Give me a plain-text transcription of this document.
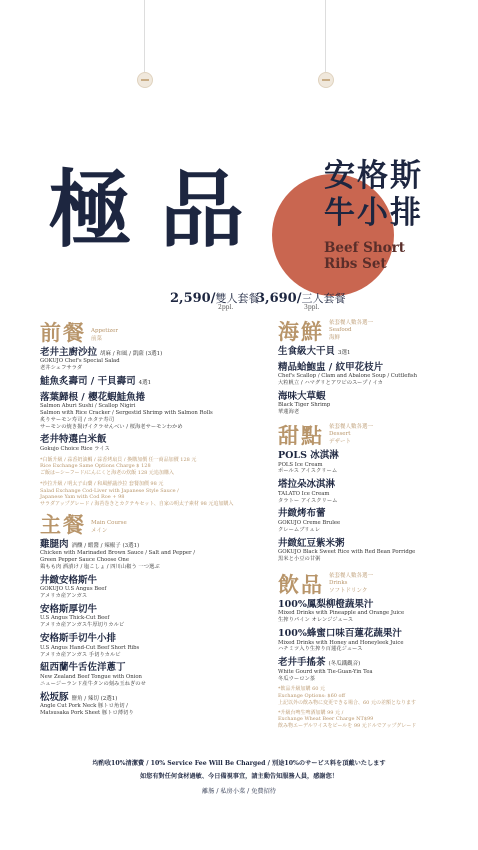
極 品 安格斯
牛小排
Beef Short
Ribs Set
2,590/雙人套餐
2ppl.
3,690/三人套餐
3ppl.
前餐 Appetizer
前菜
老井主廚沙拉 胡麻 / 和風 / 凱薩 (3選1)
GOKUJO Chef's Special Salad
老井シェフサラダ
鮭魚炙壽司 / 干貝壽司 4選1
落葉歸根 / 櫻花蝦鮭魚捲
Salmon Aburi Sushi / Scallop Nigiri
Salmon with Rice Cracker / Sergestid Shrimp with Salmon Rolls
炙りサーモン寿司 / ホタテ寿司
サーモンの焼き揚げイクラせんべい / 桜海老サーモンわかめ
老井特選白米飯
Gokujo Choice Rice ライス
*白飯升級 / 蒜香奶油鯛 / 蒜香烤扇貝 / 換購加價 任一商品加價 128 元
Rice Exchange Same Options Charge $ 128
ご飯はーシーフード/にんにくと海老の炊飯 128 元追加購入
*沙拉升級 / 明太子山藥 / 和風鮮蔬沙拉 套餐加價 98 元
Salad Exchange Cod-Liver with Japanese Style Sauce /
Japanese Yam with Cod Roe + 98
サラダアップグレード / 海苔巻きとカクテキセット、自家の明太子素材 98 元追加購入
主餐 Main Course
メイン
雞腿肉 酒釀 / 蝦醬 / 辣椒子 (3選1)
Chicken with Marinaded Brown Sauce / Salt and Pepper /
Green Pepper Sauce Choose One
鶏もも肉 酒漬け / 塩こしょ / 四川山椒う 一つ選ぶ
井緻安格斯牛
GOKUJO U.S Angus Beef
アメリカ産アンガス
安格斯厚切牛
U.S Angus Thick-Cut Beef
アメリカ産アンガス牛厚切りカルビ
安格斯手切牛小排
U.S Angus Hand-Cut Beef Short Ribs
アメリカ産アンガス 手切りカルビ
紐西蘭牛舌佐洋蔥丁
New Zealand Beef Tongue with Onion
ニュージーランド産牛タンの刻み玉ねぎのせ
松坂豚 鹽角 / 辣切 (2選1)
Angle Cut Pork Neck 豚トロ角切 /
Matsusaka Pork Sheet 豚トロ薄切り
海鮮 依套餐人數各選一
Seafood
海鮮
生食級大干貝 3選1
精品蛤鮑盅 / 紋甲花枝片
Chef's Scallop / Clam and Abalone Soup / Cuttlefish
大粒帆立 / ハマグリとアワビのスープ / イカ
海味大草蝦
Black Tiger Shrimp
華蓮海老
甜點 依套餐人數各選一
Dessert
デザート
POLS 冰淇淋
POLS Ice Cream
ポールス アイスクリーム
塔拉朵冰淇淋
TALATO Ice Cream
タラトー アイスクリーム
井緻烤布蕾
GOKUJO Creme Brulee
クレームブリュレ
井緻紅豆紫米粥
GOKUJO Black Sweet Rice with Red Bean Porridge
黒米と小豆の甘粥
飲品 依套餐人數各選一
Drinks
ソフトドリンク
100%鳳梨柳橙蔬果汁
Mixed Drinks with Pineapple and Orange Juice
生搾りパイン オレンジジュース
100%蜂蜜口味百蓮花蔬果汁
Mixed Drinks with Honey and Honeyleek Juice
ハチミツ入り生搾り百蓮花ジュース
老井手搖茶 (冬瓜鐵觀音)
White Gourd with Tie-Guan-Yin Tea
冬瓜ウーロン茶
*飲品升級加購 60 元
Exchange Options: $60 off
上記以外の飲み物に変更できる場合、60 元の差額となります
*升級台啤生啤酒加購 99 元 /
Exchange Wheat Beer Charge NT$99
飲み物エーデルワイスをビールを 99 元ドルでアップグレード
均酌收10%清潔費 / 10% Service Fee Will Be Charged / 別途10%のサービス料を頂戴いたします
如您有對任何食材過敏、今日備視事宜，請主動告知服務人員，感謝您！
離肠 / 私房小菜 / 免費招待
